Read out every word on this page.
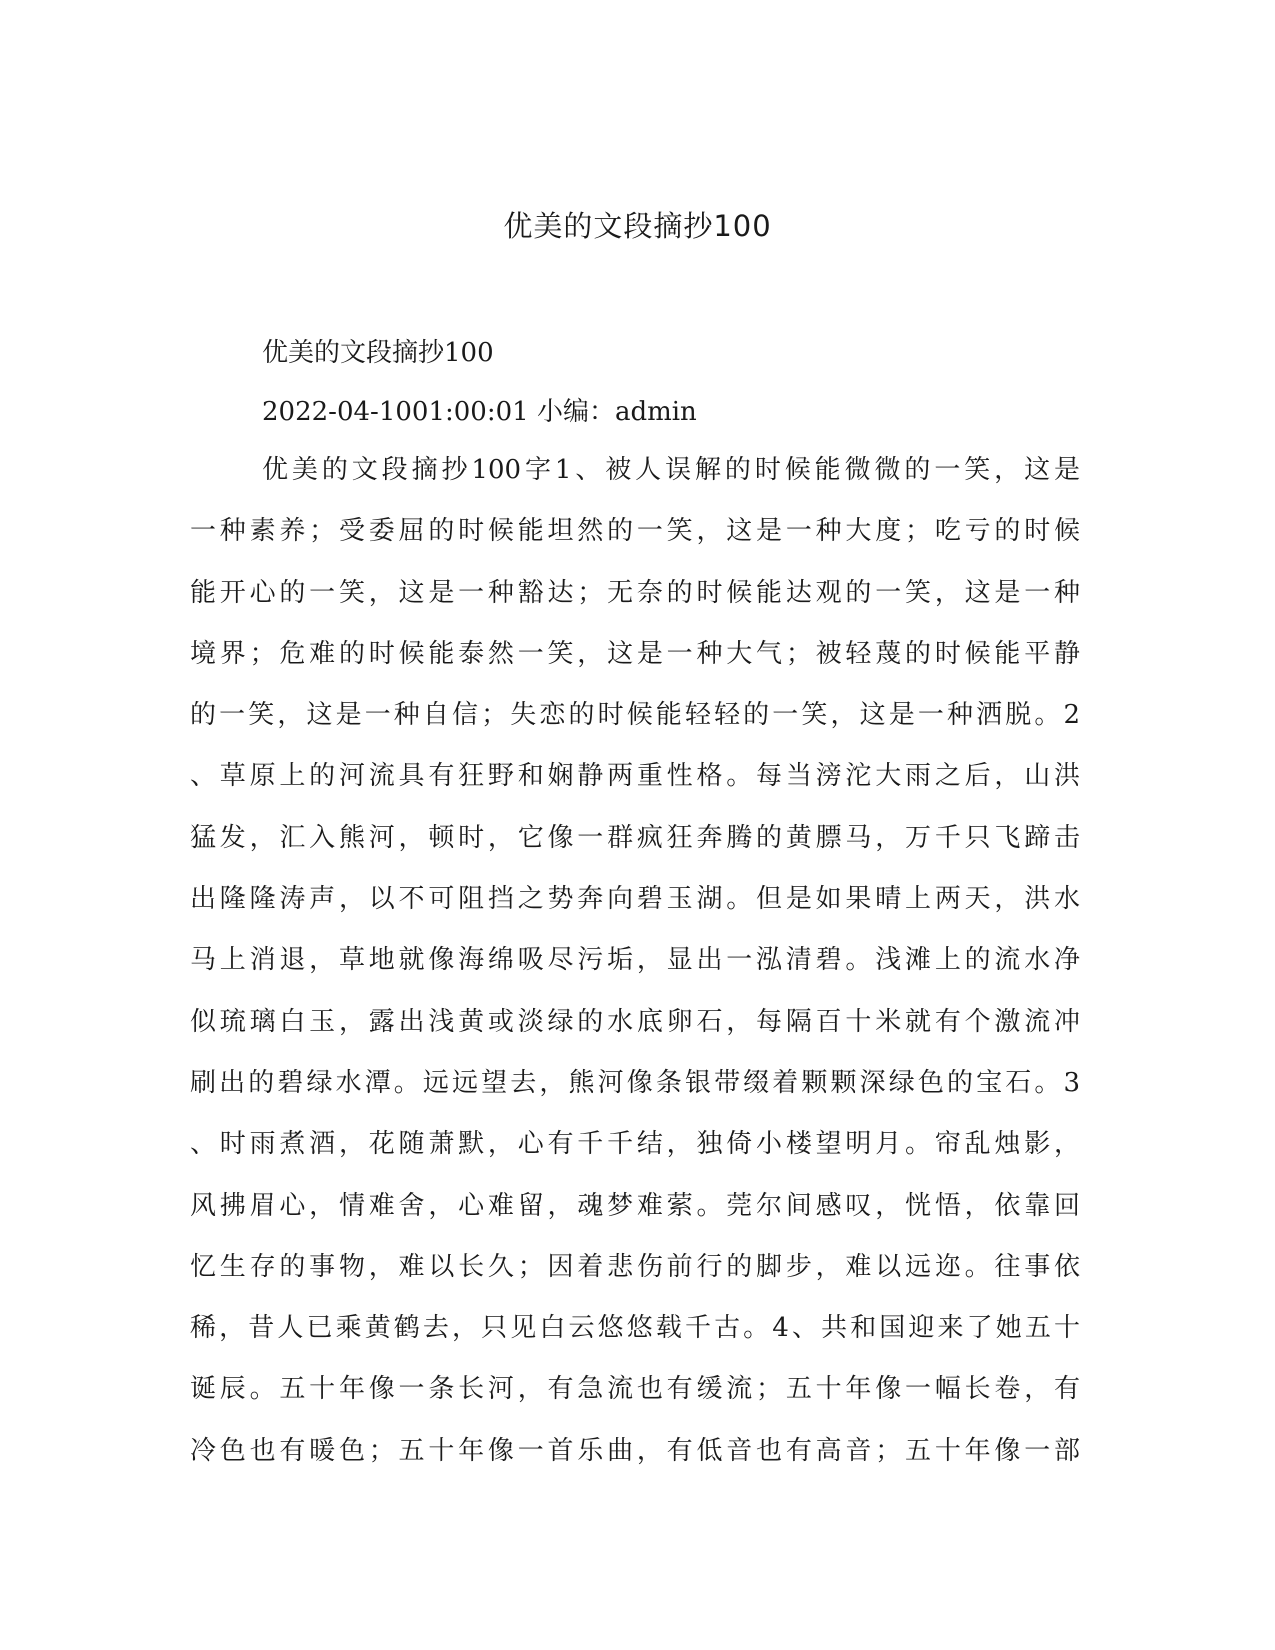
优美的文段摘抄100
优美的文段摘抄100
2022-04-1001:00:01 小编：admin
优美的文段摘抄100字1、被人误解的时候能微微的一笑，这是
一种素养；受委屈的时候能坦然的一笑，这是一种大度；吃亏的时候
能开心的一笑，这是一种豁达；无奈的时候能达观的一笑，这是一种
境界；危难的时候能泰然一笑，这是一种大气；被轻蔑的时候能平静
的一笑，这是一种自信；失恋的时候能轻轻的一笑，这是一种洒脱。2
、草原上的河流具有狂野和娴静两重性格。每当滂沱大雨之后，山洪
猛发，汇入熊河，顿时，它像一群疯狂奔腾的黄膘马，万千只飞蹄击
出隆隆涛声，以不可阻挡之势奔向碧玉湖。但是如果晴上两天，洪水
马上消退，草地就像海绵吸尽污垢，显出一泓清碧。浅滩上的流水净
似琉璃白玉，露出浅黄或淡绿的水底卵石，每隔百十米就有个激流冲
刷出的碧绿水潭。远远望去，熊河像条银带缀着颗颗深绿色的宝石。3
、时雨煮酒，花随萧默，心有千千结，独倚小楼望明月。帘乱烛影，
风拂眉心，情难舍，心难留，魂梦难萦。莞尔间感叹，恍悟，依靠回
忆生存的事物，难以长久；因着悲伤前行的脚步，难以远迩。往事依
稀，昔人已乘黄鹤去，只见白云悠悠载千古。4、共和国迎来了她五十
诞辰。五十年像一条长河，有急流也有缓流；五十年像一幅长卷，有
冷色也有暖色；五十年像一首乐曲，有低音也有高音；五十年像一部
